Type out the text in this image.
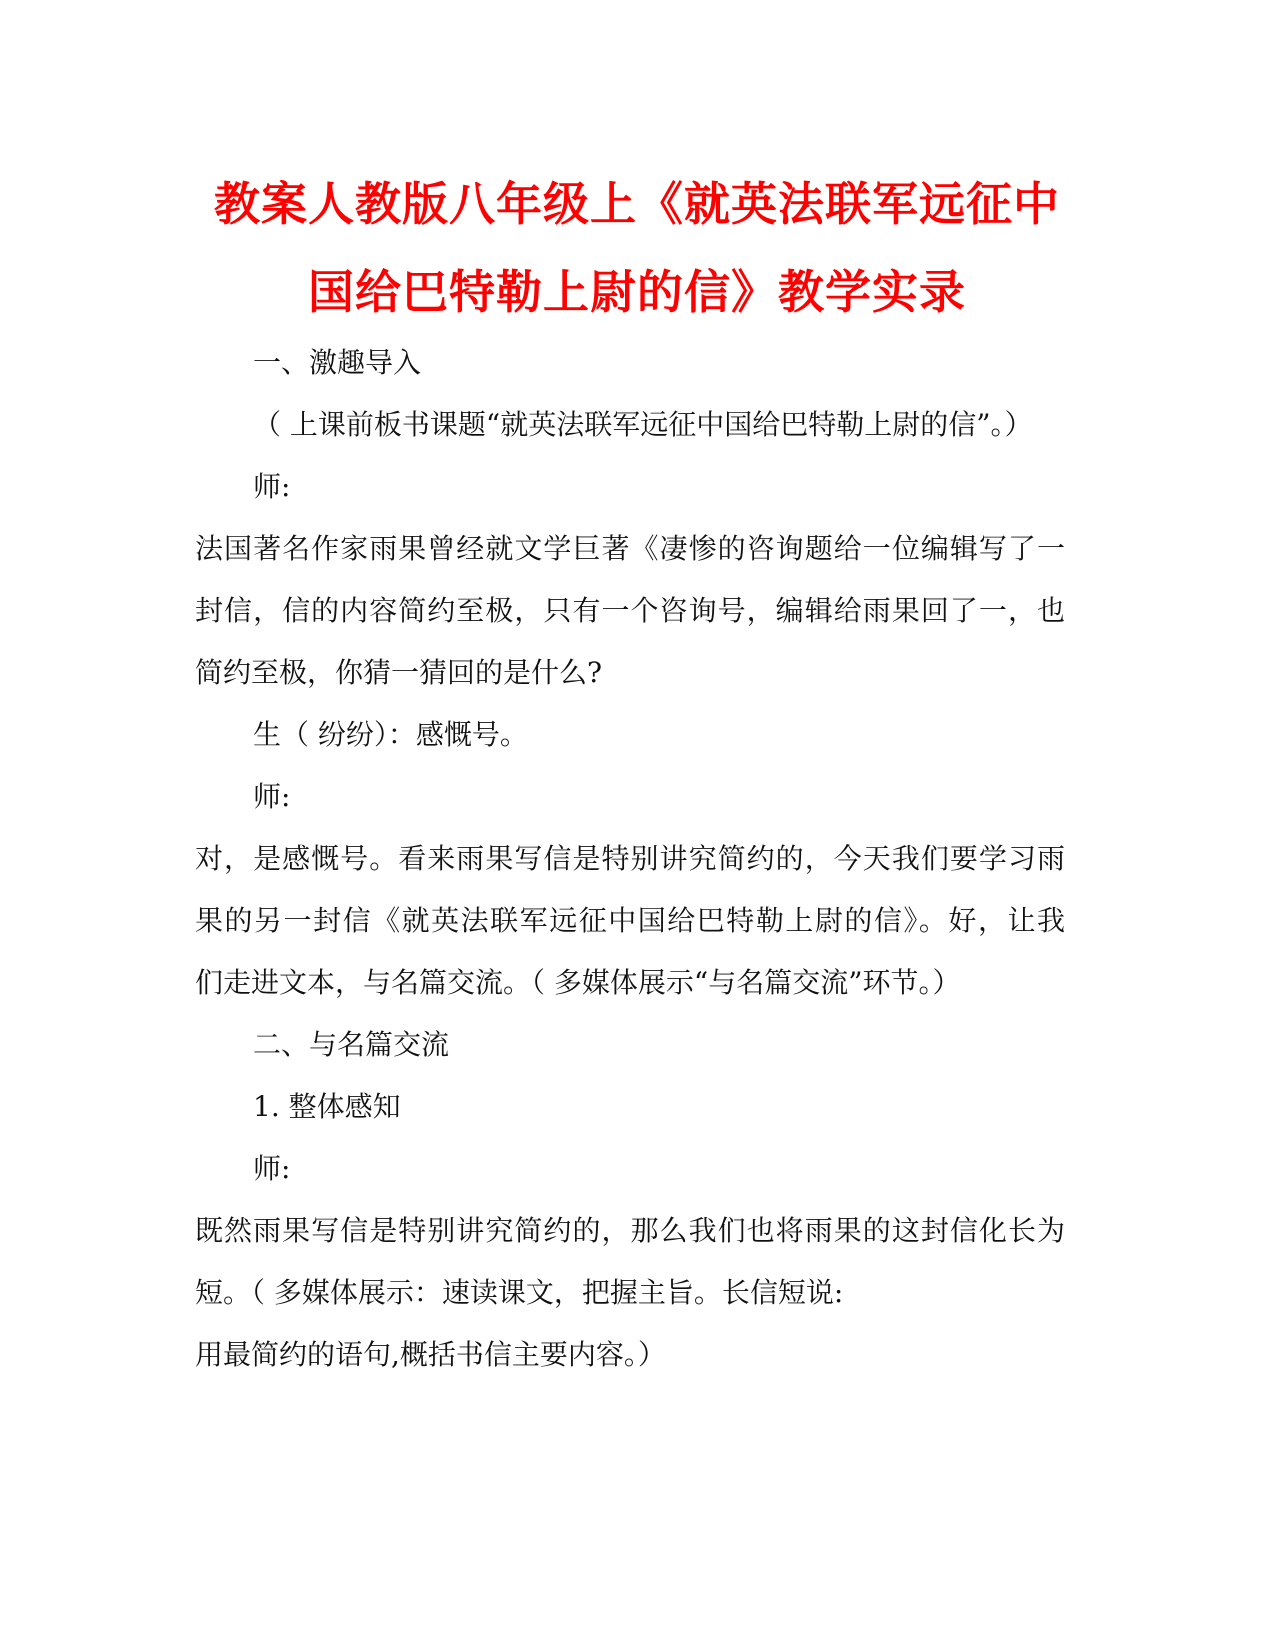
教案人教版八年级上《就英法联军远征中
国给巴特勒上尉的信》教学实录
一、激趣导入
（ 上课前板书课题“就英法联军远征中国给巴特勒上尉的信”。）
师:
法国著名作家雨果曾经就文学巨著《凄惨的咨询题给一位编辑写了一
封信，信的内容简约至极，只有一个咨询号，编辑给雨果回了一，也
简约至极，你猜一猜回的是什么?
生（ 纷纷）：感慨号。
师:
对，是感慨号。看来雨果写信是特别讲究简约的，今天我们要学习雨
果的另一封信《就英法联军远征中国给巴特勒上尉的信》。好，让我
们走进文本，与名篇交流。（ 多媒体展示“与名篇交流”环节。）
二、与名篇交流
1. 整体感知
师:
既然雨果写信是特别讲究简约的，那么我们也将雨果的这封信化长为
短。（ 多媒体展示：速读课文，把握主旨。长信短说:
用最简约的语句,概括书信主要内容。）
